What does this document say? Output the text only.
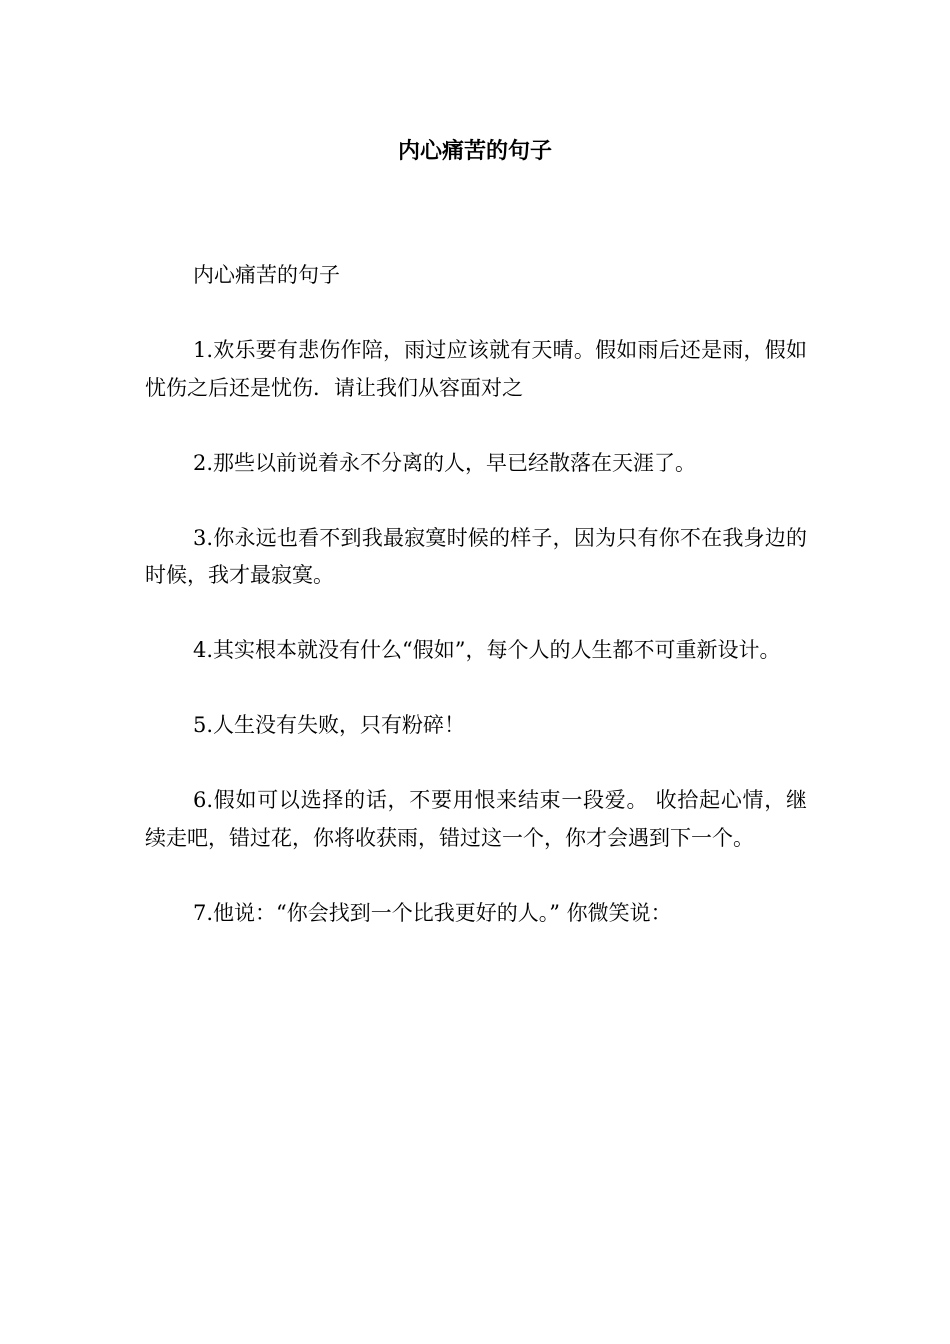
内心痛苦的句子

内心痛苦的句子

1.欢乐要有悲伤作陪，雨过应该就有天晴。假如雨后还是雨，假如忧伤之后还是忧伤．请让我们从容面对之

2.那些以前说着永不分离的人，早已经散落在天涯了。

3.你永远也看不到我最寂寞时候的样子，因为只有你不在我身边的时候，我才最寂寞。

4.其实根本就没有什么“假如”，每个人的人生都不可重新设计。

5.人生没有失败，只有粉碎！

6.假如可以选择的话，不要用恨来结束一段爱。 收拾起心情，继续走吧，错过花，你将收获雨，错过这一个，你才会遇到下一个。

7.他说：“你会找到一个比我更好的人。” 你微笑说：
